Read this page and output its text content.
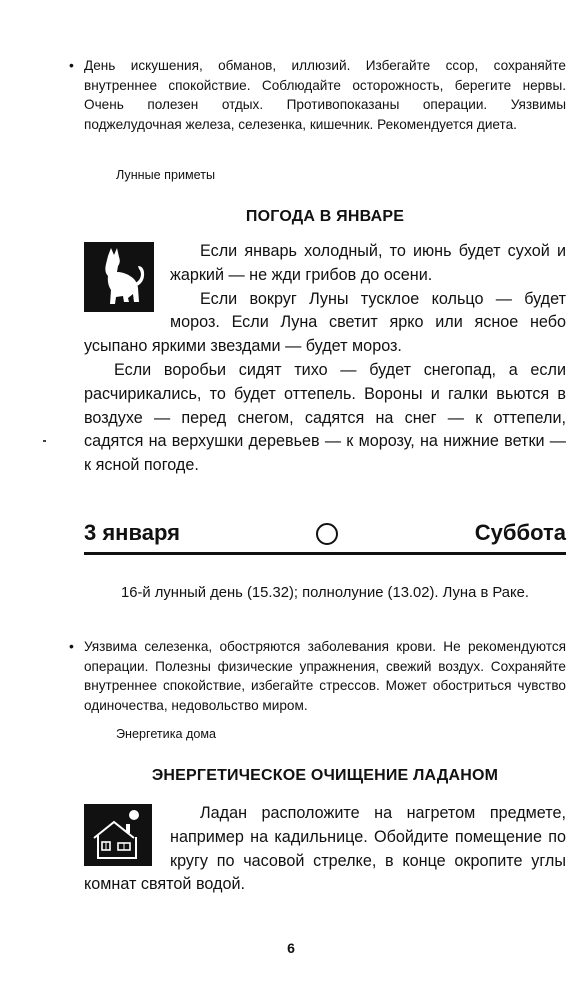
• День искушения, обманов, иллюзий. Избегайте ссор, сохраняйте внутреннее спокойствие. Соблюдайте осторожность, берегите нервы. Очень полезен отдых. Противопоказаны операции. Уязвимы поджелудочная железа, селезенка, кишечник. Рекомендуется диета.
Лунные приметы
ПОГОДА В ЯНВАРЕ

Если январь холодный, то июнь будет сухой и жаркий — не жди грибов до осени.

Если вокруг Луны тусклое кольцо — будет мороз. Если Луна светит ярко или ясное небо усыпано яркими звездами — будет мороз.

Если воробьи сидят тихо — будет снегопад, а если расчирикались, то будет оттепель. Вороны и галки вьются в воздухе — перед снегом, садятся на снег — к оттепели, садятся на верхушки деревьев — к морозу, на нижние ветки — к ясной погоде.

3 января	Суббота
16-й лунный день (15.32); полнолуние (13.02). Луна в Раке.
• Уязвима селезенка, обостряются заболевания крови. Не рекомендуются операции. Полезны физические упражнения, свежий воздух. Сохраняйте внутреннее спокойствие, избегайте стрессов. Может обостриться чувство одиночества, недовольство миром.
Энергетика дома
ЭНЕРГЕТИЧЕСКОЕ ОЧИЩЕНИЕ ЛАДАНОМ

Ладан расположите на нагретом предмете, например на кадильнице. Обойдите помещение по кругу по часовой стрелке, в конце окропите углы комнат святой водой.

6
